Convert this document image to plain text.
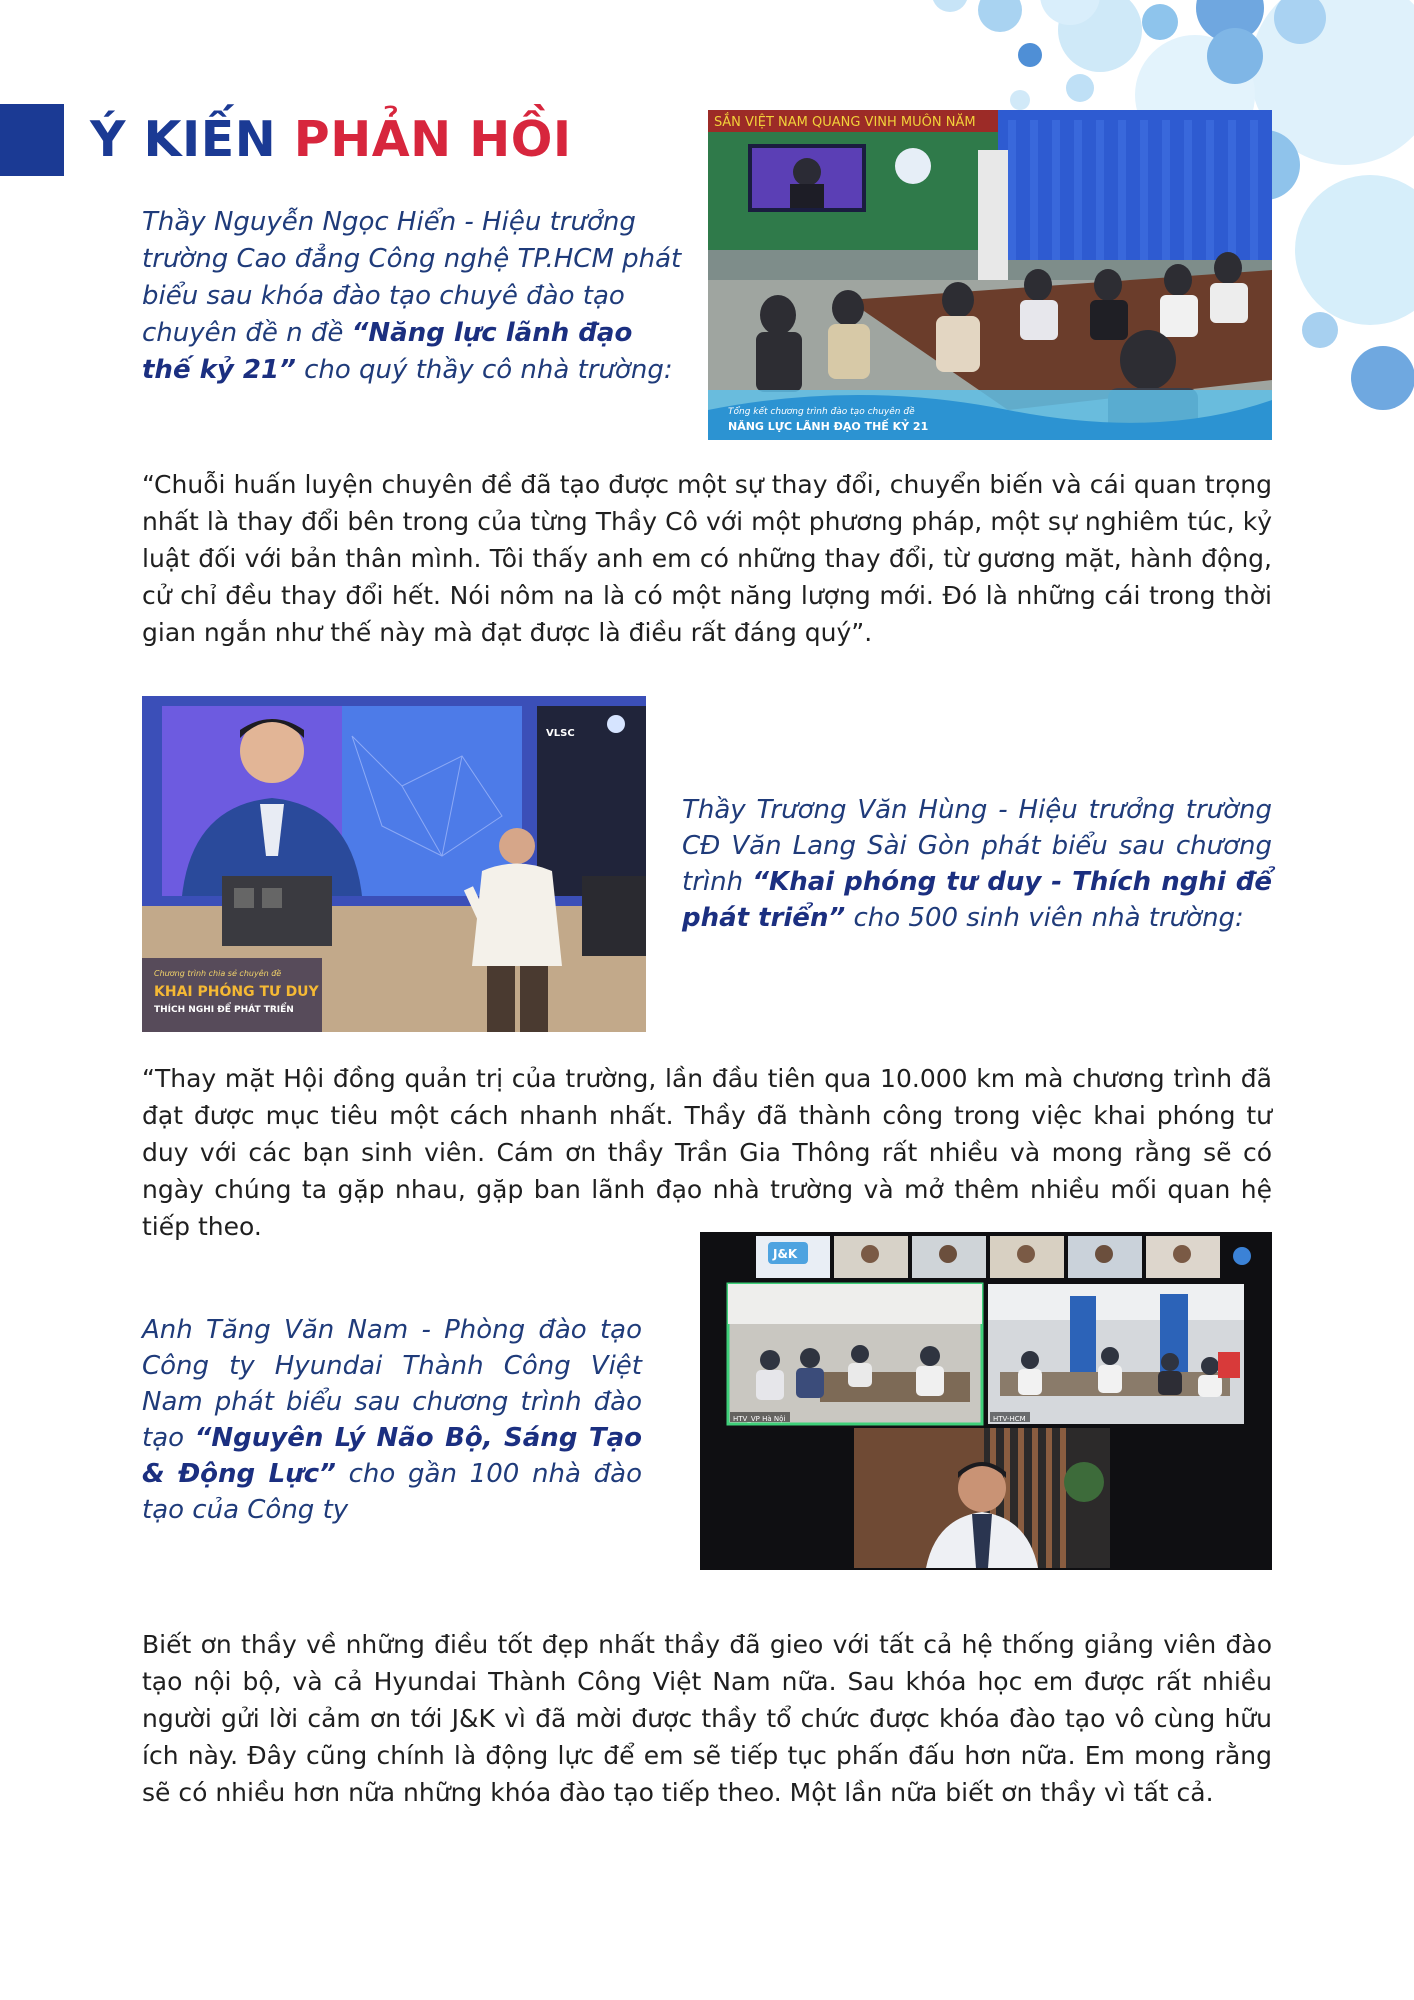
Ý KIẾN PHẢN HỒI
Thầy Nguyễn Ngọc Hiển - Hiệu trưởng trường Cao đẳng Công nghệ TP.HCM phát biểu sau khóa đào tạo chuyê đào tạo chuyên đề n đề “Năng lực lãnh đạo thế kỷ 21” cho quý thầy cô nhà trường:
SẮN VIỆT NAM QUANG VINH MUÔN NĂM
Tổng kết chương trình đào tạo chuyên đề
NĂNG LỰC LÃNH ĐẠO THẾ KỶ 21
“Chuỗi huấn luyện chuyên đề đã tạo được một sự thay đổi, chuyển biến và cái quan trọng nhất là thay đổi bên trong của từng Thầy Cô với một phương pháp, một sự nghiêm túc, kỷ luật đối với bản thân mình. Tôi thấy anh em có những thay đổi, từ gương mặt, hành động, cử chỉ đều thay đổi hết. Nói nôm na là có một năng lượng mới. Đó là những cái trong thời gian ngắn như thế này mà đạt được là điều rất đáng quý”.
VLSC
Chương trình chia sẻ chuyên đề
KHAI PHÓNG TƯ DUY
THÍCH NGHI ĐỂ PHÁT TRIỂN
Thầy Trương Văn Hùng - Hiệu trưởng trường CĐ Văn Lang Sài Gòn phát biểu sau chương trình “Khai phóng tư duy - Thích nghi để phát triển” cho 500 sinh viên nhà trường:
“Thay mặt Hội đồng quản trị của trường, lần đầu tiên qua 10.000 km mà chương trình đã đạt được mục tiêu một cách nhanh nhất. Thầy đã thành công trong việc khai phóng tư duy với các bạn sinh viên. Cám ơn thầy Trần Gia Thông rất nhiều và mong rằng sẽ có ngày chúng ta gặp nhau, gặp ban lãnh đạo nhà trường và mở thêm nhiều mối quan hệ tiếp theo.
Anh Tăng Văn Nam - Phòng đào tạo Công ty Hyundai Thành Công Việt Nam phát biểu sau chương trình đào tạo “Nguyên Lý Não Bộ, Sáng Tạo & Động Lực” cho gần 100 nhà đào tạo của Công ty
J&K
HTV_VP Hà Nội	HTV-HCM
Biết ơn thầy về những điều tốt đẹp nhất thầy đã gieo với tất cả hệ thống giảng viên đào tạo nội bộ, và cả Hyundai Thành Công Việt Nam nữa. Sau khóa học em được rất nhiều người gửi lời cảm ơn tới J&K vì đã mời được thầy tổ chức được khóa đào tạo vô cùng hữu ích này. Đây cũng chính là động lực để em sẽ tiếp tục phấn đấu hơn nữa. Em mong rằng sẽ có nhiều hơn nữa những khóa đào tạo tiếp theo. Một lần nữa biết ơn thầy vì tất cả.
